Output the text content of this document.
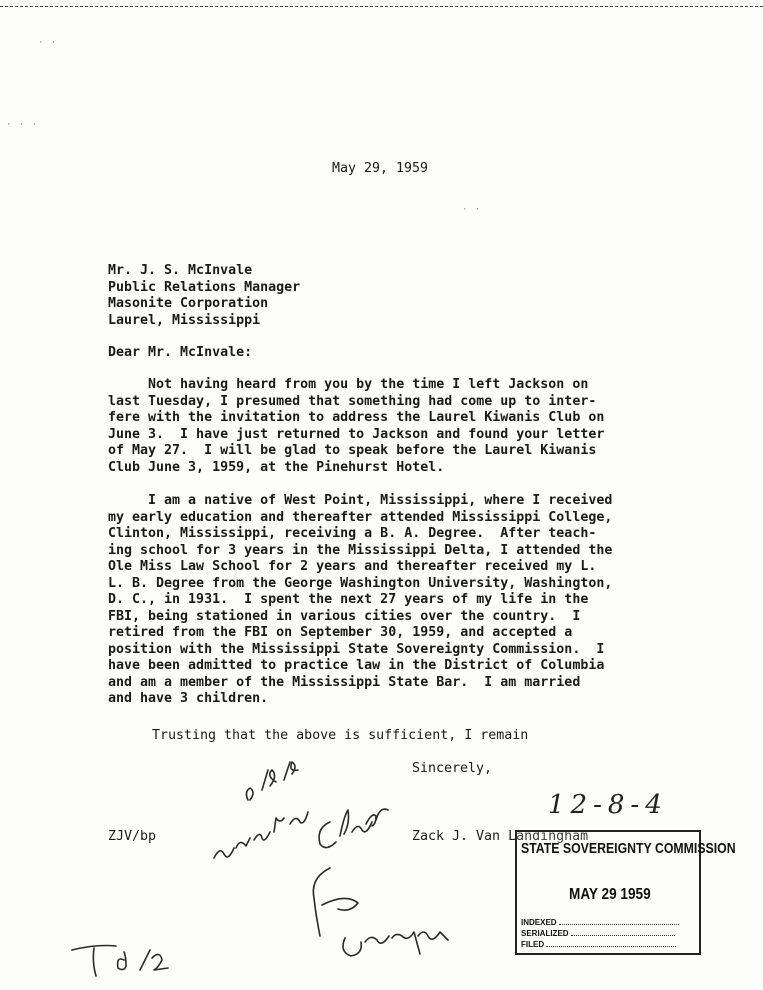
· ·
· · ·
· ·
May 29, 1959
Mr. J. S. McInvale
Public Relations Manager
Masonite Corporation
Laurel, Mississippi
Dear Mr. McInvale:
Not having heard from you by the time I left Jackson on
last Tuesday, I presumed that something had come up to inter-
fere with the invitation to address the Laurel Kiwanis Club on
June 3.  I have just returned to Jackson and found your letter
of May 27.  I will be glad to speak before the Laurel Kiwanis
Club June 3, 1959, at the Pinehurst Hotel.
I am a native of West Point, Mississippi, where I received
my early education and thereafter attended Mississippi College,
Clinton, Mississippi, receiving a B. A. Degree.  After teach-
ing school for 3 years in the Mississippi Delta, I attended the
Ole Miss Law School for 2 years and thereafter received my L.
L. B. Degree from the George Washington University, Washington,
D. C., in 1931.  I spent the next 27 years of my life in the
FBI, being stationed in various cities over the country.  I
retired from the FBI on September 30, 1959, and accepted a
position with the Mississippi State Sovereignty Commission.  I
have been admitted to practice law in the District of Columbia
and am a member of the Mississippi State Bar.  I am married
and have 3 children.
Trusting that the above is sufficient, I remain
Sincerely,
ZJV/bp	Zack J. Van Landingham
12-8-4
STATE SOVEREIGNTY COMMISSION
MAY 29 1959
INDEXED
SERIALIZED
FILED
